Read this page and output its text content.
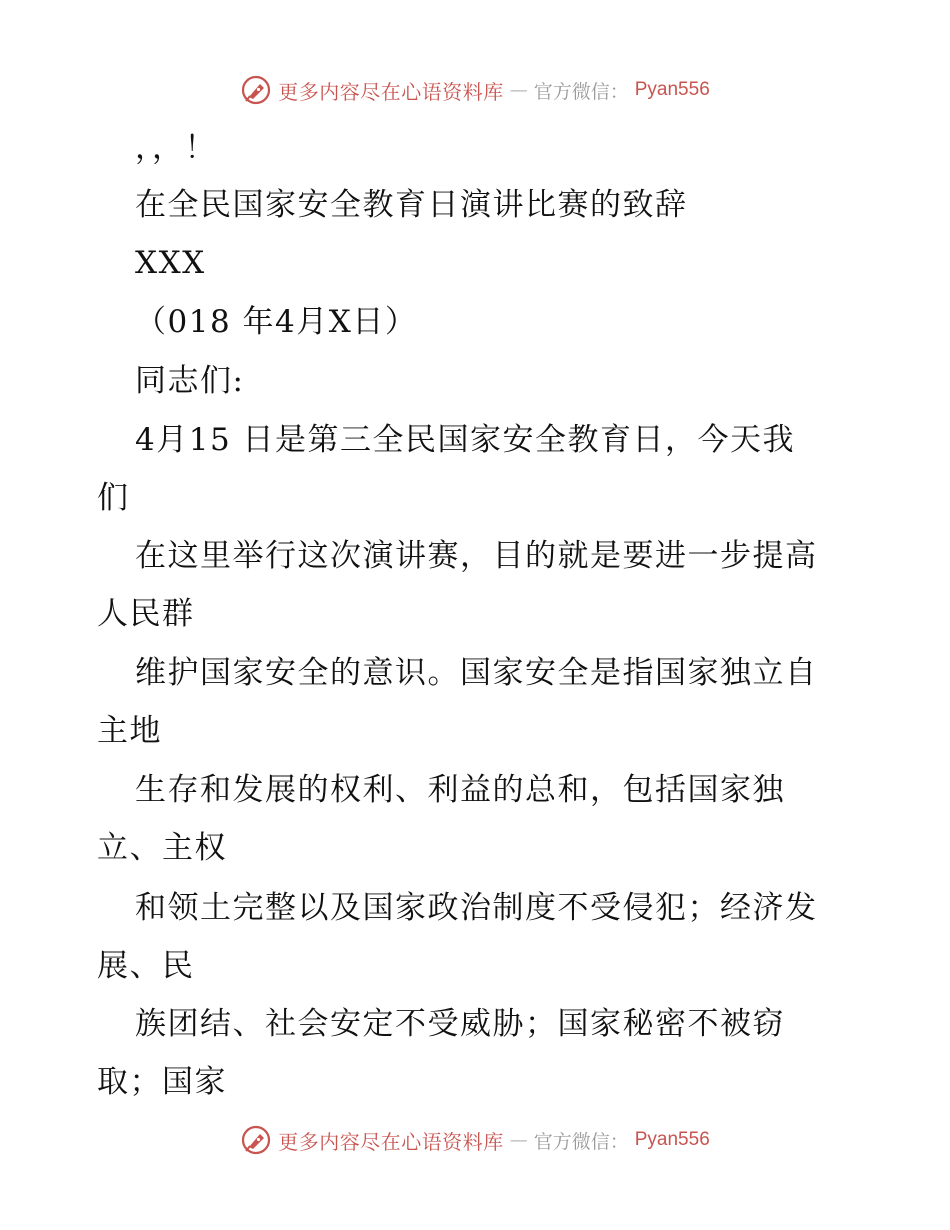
更多内容尽在心语资料库 — 官方微信： Pyan556
，，！
在全民国家安全教育日演讲比赛的致辞
XXX
（018 年4月X日）
同志们:
4月15 日是第三全民国家安全教育日，今天我
们
在这里举行这次演讲赛，目的就是要进一步提高
人民群
维护国家安全的意识。国家安全是指国家独立自
主地
生存和发展的权利、利益的总和，包括国家独
立、主权
和领土完整以及国家政治制度不受侵犯；经济发
展、民
族团结、社会安定不受威胁；国家秘密不被窃
取；国家
更多内容尽在心语资料库 — 官方微信： Pyan556
